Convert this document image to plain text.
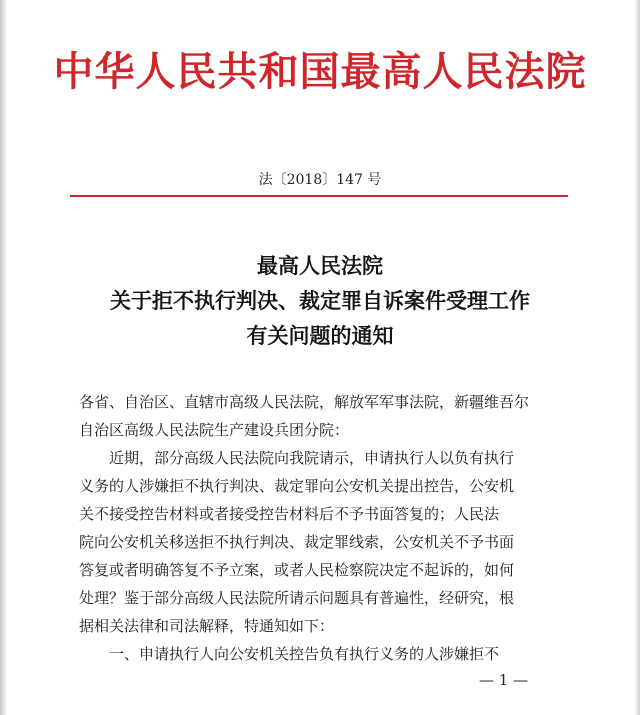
中华人民共和国最高人民法院
法〔2018〕147 号
最高人民法院
关于拒不执行判决、裁定罪自诉案件受理工作
有关问题的通知
各省、自治区、直辖市高级人民法院，解放军军事法院，新疆维吾尔
自治区高级人民法院生产建设兵团分院：
近期，部分高级人民法院向我院请示，申请执行人以负有执行
义务的人涉嫌拒不执行判决、裁定罪向公安机关提出控告，公安机
关不接受控告材料或者接受控告材料后不予书面答复的；人民法
院向公安机关移送拒不执行判决、裁定罪线索，公安机关不予书面
答复或者明确答复不予立案，或者人民检察院决定不起诉的，如何
处理？鉴于部分高级人民法院所请示问题具有普遍性，经研究，根
据相关法律和司法解释，特通知如下：
一、申请执行人向公安机关控告负有执行义务的人涉嫌拒不
— 1 —
